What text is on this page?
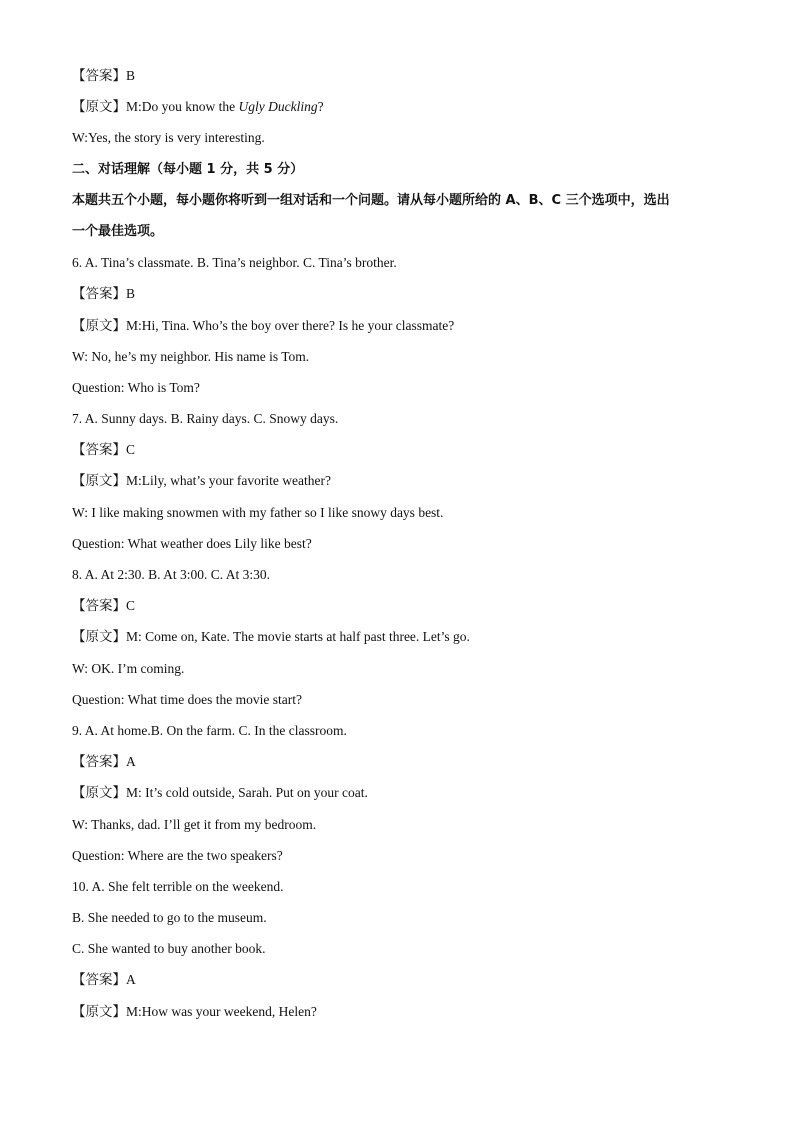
【答案】B
【原文】M:Do you know the Ugly Duckling?
W:Yes, the story is very interesting.
二、对话理解（每小题 1 分，共 5 分）
本题共五个小题，每小题你将听到一组对话和一个问题。请从每小题所给的 A、B、C 三个选项中，选出
一个最佳选项。
6. A. Tina’s classmate. B. Tina’s neighbor. C. Tina’s brother.
【答案】B
【原文】M:Hi, Tina. Who’s the boy over there? Is he your classmate?
W: No, he’s my neighbor. His name is Tom.
Question: Who is Tom?
7. A. Sunny days. B. Rainy days. C. Snowy days.
【答案】C
【原文】M:Lily, what’s your favorite weather?
W: I like making snowmen with my father so I like snowy days best.
Question: What weather does Lily like best?
8. A. At 2:30. B. At 3:00. C. At 3:30.
【答案】C
【原文】M: Come on, Kate. The movie starts at half past three. Let’s go.
W: OK. I’m coming.
Question: What time does the movie start?
9. A. At home.B. On the farm. C. In the classroom.
【答案】A
【原文】M: It’s cold outside, Sarah. Put on your coat.
W: Thanks, dad. I’ll get it from my bedroom.
Question: Where are the two speakers?
10. A. She felt terrible on the weekend.
B. She needed to go to the museum.
C. She wanted to buy another book.
【答案】A
【原文】M:How was your weekend, Helen?
